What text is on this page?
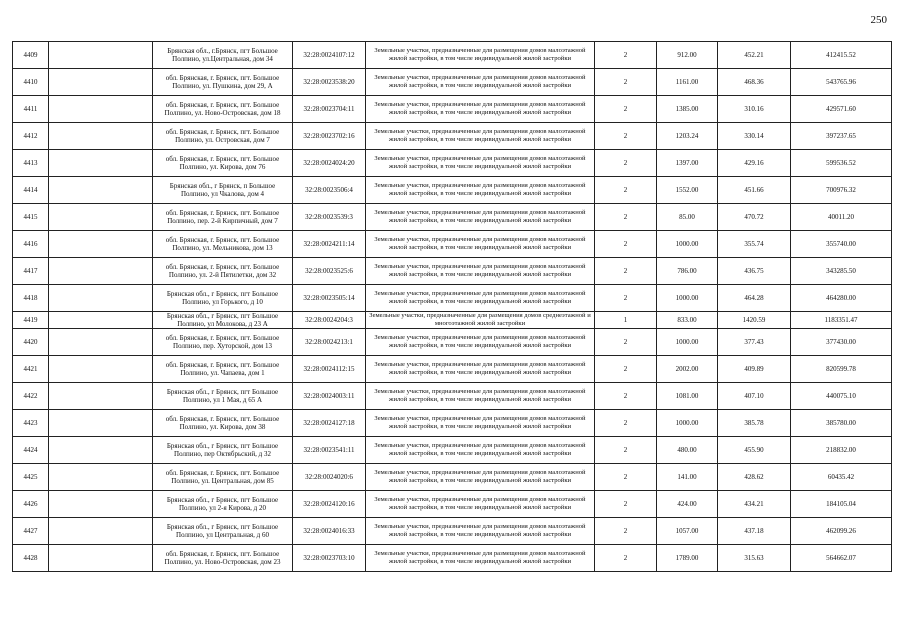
250
4409		Брянская обл., г.Брянск, пгт Большое Полпино, ул.Центральная, дом 34	32:28:0024107:12	Земельные участки, предназначенные для размещения домов малоэтажной жилой застройки, в том числе индивидуальной жилой застройки	2	912.00	452.21	412415.52
4410		обл. Брянская, г. Брянск, пгт. Большое Полпино, ул. Пушкина, дом 29, А	32:28:0023538:20	Земельные участки, предназначенные для размещения домов малоэтажной жилой застройки, в том числе индивидуальной жилой застройки	2	1161.00	468.36	543765.96
4411		обл. Брянская, г. Брянск, пгт. Большое Полпино, ул. Ново-Островская, дом 18	32:28:0023704:11	Земельные участки, предназначенные для размещения домов малоэтажной жилой застройки, в том числе индивидуальной жилой застройки	2	1385.00	310.16	429571.60
4412		обл. Брянская, г. Брянск, пгт. Большое Полпино, ул. Островская, дом 7	32:28:0023702:16	Земельные участки, предназначенные для размещения домов малоэтажной жилой застройки, в том числе индивидуальной жилой застройки	2	1203.24	330.14	397237.65
4413		обл. Брянская, г. Брянск, пгт. Большое Полпино, ул. Кирова, дом 76	32:28:0024024:20	Земельные участки, предназначенные для размещения домов малоэтажной жилой застройки, в том числе индивидуальной жилой застройки	2	1397.00	429.16	599536.52
4414		Брянская обл., г Брянск, п Большое Полпино, ул Чкалова, дом 4	32:28:0023506:4	Земельные участки, предназначенные для размещения домов малоэтажной жилой застройки, в том числе индивидуальной жилой застройки	2	1552.00	451.66	700976.32
4415		обл. Брянская, г. Брянск, пгт. Большое Полпино, пер. 2-й Кирпичный, дом 7	32:28:0023539:3	Земельные участки, предназначенные для размещения домов малоэтажной жилой застройки, в том числе индивидуальной жилой застройки	2	85.00	470.72	40011.20
4416		обл. Брянская, г. Брянск, пгт. Большое Полпино, ул. Мельникова, дом 13	32:28:0024211:14	Земельные участки, предназначенные для размещения домов малоэтажной жилой застройки, в том числе индивидуальной жилой застройки	2	1000.00	355.74	355740.00
4417		обл. Брянская, г. Брянск, пгт. Большое Полпино, ул. 2-й Пятилетки, дом 32	32:28:0023525:6	Земельные участки, предназначенные для размещения домов малоэтажной жилой застройки, в том числе индивидуальной жилой застройки	2	786.00	436.75	343285.50
4418		Брянская обл., г Брянск, пгт Большое Полпино, ул Горького, д 10	32:28:0023505:14	Земельные участки, предназначенные для размещения домов малоэтажной жилой застройки, в том числе индивидуальной жилой застройки	2	1000.00	464.28	464280.00
4419		Брянская обл., г Брянск, пгт Большое Полпино, ул Молокова, д 23 А	32:28:0024204:3	Земельные участки, предназначенные для размещения домов среднеэтажной и многоэтажной жилой застройки	1	833.00	1420.59	1183351.47
4420		обл. Брянская, г. Брянск, пгт. Большое Полпино, пер. Хуторской, дом 13	32:28:0024213:1	Земельные участки, предназначенные для размещения домов малоэтажной жилой застройки, в том числе индивидуальной жилой застройки	2	1000.00	377.43	377430.00
4421		обл. Брянская, г. Брянск, пгт. Большое Полпино, ул. Чапаева, дом 1	32:28:0024112:15	Земельные участки, предназначенные для размещения домов малоэтажной жилой застройки, в том числе индивидуальной жилой застройки	2	2002.00	409.89	820599.78
4422		Брянская обл., г Брянск, пгт Большое Полпино, ул 1 Мая, д 65 А	32:28:0024003:11	Земельные участки, предназначенные для размещения домов малоэтажной жилой застройки, в том числе индивидуальной жилой застройки	2	1081.00	407.10	440075.10
4423		обл. Брянская, г. Брянск, пгт. Большое Полпино, ул. Кирова, дом 38	32:28:0024127:18	Земельные участки, предназначенные для размещения домов малоэтажной жилой застройки, в том числе индивидуальной жилой застройки	2	1000.00	385.78	385780.00
4424		Брянская обл., г Брянск, пгт Большое Полпино, пер Октябрьский, д 32	32:28:0023541:11	Земельные участки, предназначенные для размещения домов малоэтажной жилой застройки, в том числе индивидуальной жилой застройки	2	480.00	455.90	218832.00
4425		обл. Брянская, г. Брянск, пгт. Большое Полпино, ул. Центральная, дом 85	32:28:0024020:6	Земельные участки, предназначенные для размещения домов малоэтажной жилой застройки, в том числе индивидуальной жилой застройки	2	141.00	428.62	60435.42
4426		Брянская обл., г Брянск, пгт Большое Полпино, ул 2-я Кирова, д 20	32:28:0024120:16	Земельные участки, предназначенные для размещения домов малоэтажной жилой застройки, в том числе индивидуальной жилой застройки	2	424.00	434.21	184105.04
4427		Брянская обл., г Брянск, пгт Большое Полпино, ул Центральная, д 60	32:28:0024016:33	Земельные участки, предназначенные для размещения домов малоэтажной жилой застройки, в том числе индивидуальной жилой застройки	2	1057.00	437.18	462099.26
4428		обл. Брянская, г. Брянск, пгт. Большое Полпино, ул. Ново-Островская, дом 23	32:28:0023703:10	Земельные участки, предназначенные для размещения домов малоэтажной жилой застройки, в том числе индивидуальной жилой застройки	2	1789.00	315.63	564662.07
